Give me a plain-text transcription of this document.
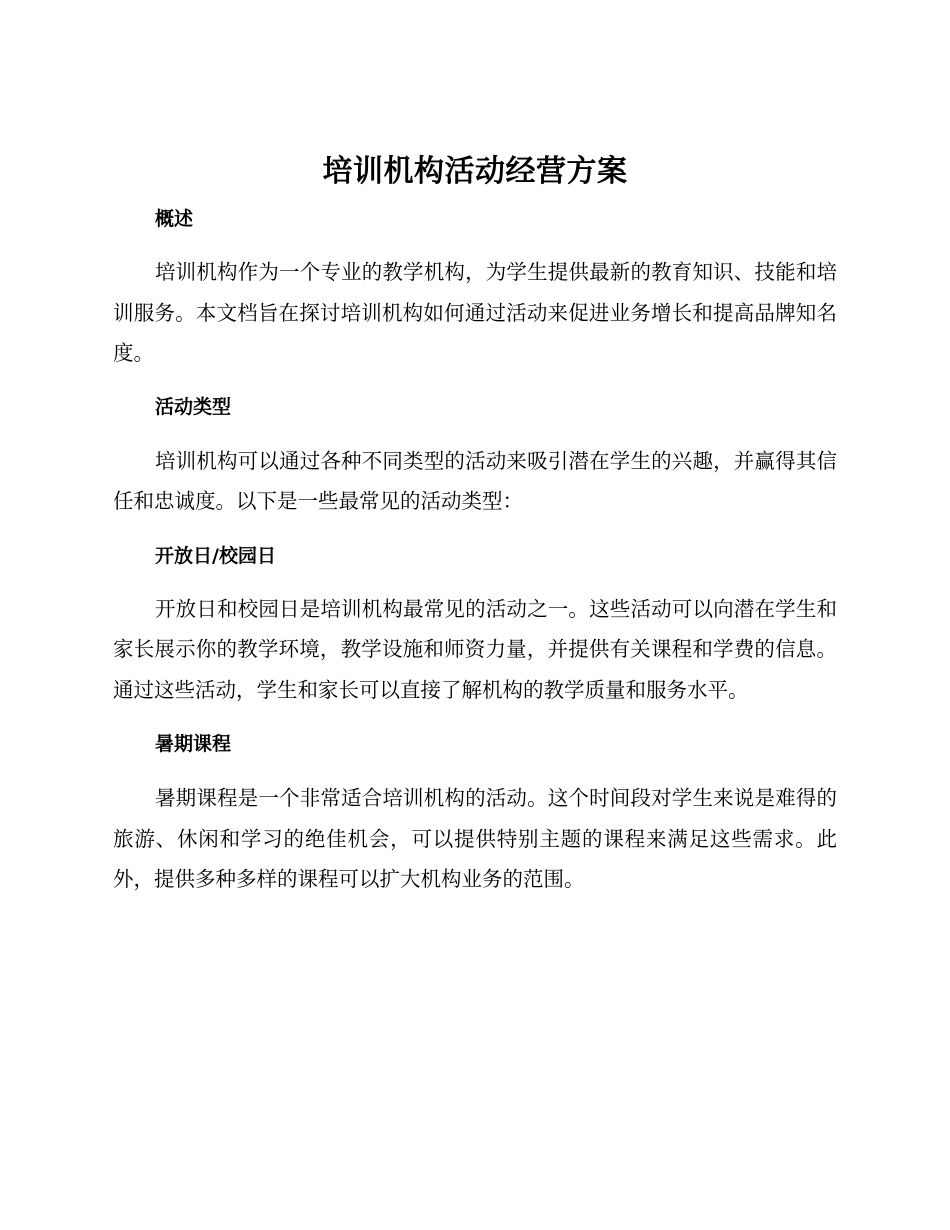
培训机构活动经营方案
概述

培训机构作为一个专业的教学机构，为学生提供最新的教育知识、技能和培训服务。本文档旨在探讨培训机构如何通过活动来促进业务增长和提高品牌知名度。

活动类型

培训机构可以通过各种不同类型的活动来吸引潜在学生的兴趣，并赢得其信任和忠诚度。以下是一些最常见的活动类型：

开放日/校园日

开放日和校园日是培训机构最常见的活动之一。这些活动可以向潜在学生和家长展示你的教学环境，教学设施和师资力量，并提供有关课程和学费的信息。通过这些活动，学生和家长可以直接了解机构的教学质量和服务水平。

暑期课程

暑期课程是一个非常适合培训机构的活动。这个时间段对学生来说是难得的旅游、休闲和学习的绝佳机会，可以提供特别主题的课程来满足这些需求。此外，提供多种多样的课程可以扩大机构业务的范围。
